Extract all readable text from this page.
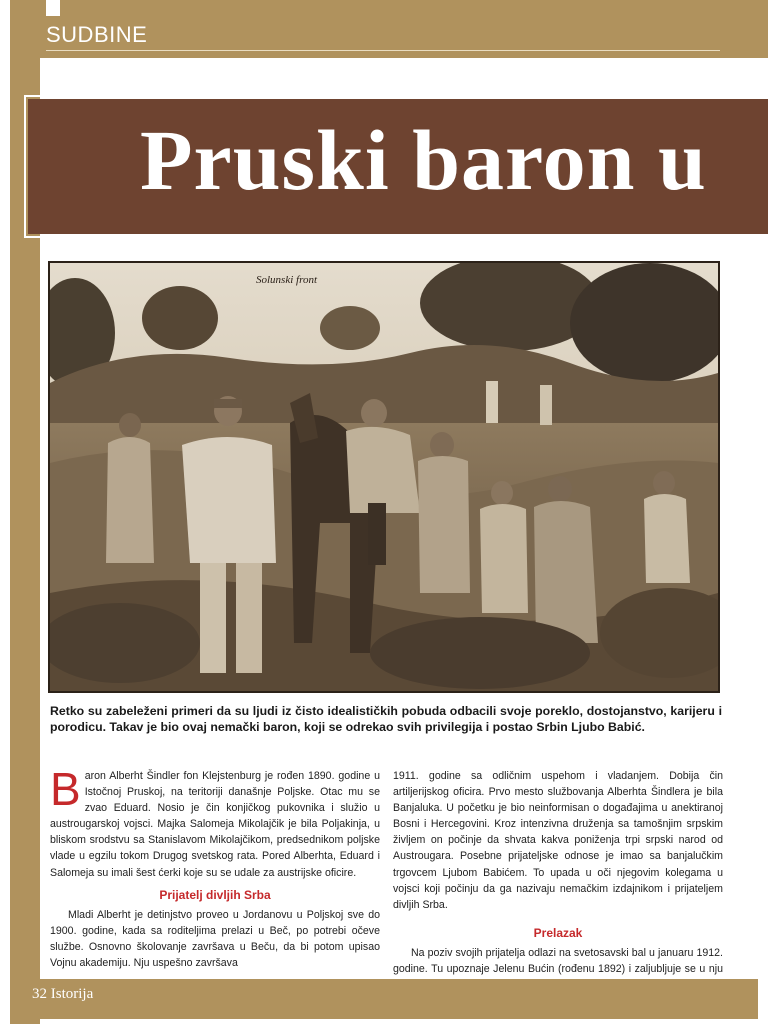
SUDBINE
Pruski baron u
Solunski front
Retko su zabeleženi primeri da su ljudi iz čisto idealističkih pobuda odbacili svoje poreklo, dostojanstvo, karijeru i porodicu. Takav je bio ovaj nemački baron, koji se odrekao svih privilegija i postao Srbin Ljubo Babić.

Baron Alberht Šindler fon Klejstenburg je rođen 1890. godine u Istočnoj Pruskoj, na teritoriji današnje Poljske. Otac mu se zvao Eduard. Nosio je čin konjičkog pukovnika i služio u austrougarskoj vojsci. Majka Salomeja Mikolajčik je bila Poljakinja, u bliskom srodstvu sa Stanislavom Mikolajčikom, predsednikom poljske vlade u egzilu tokom Drugog svetskog rata. Pored Alberhta, Eduard i Salomeja su imali šest ćerki koje su se udale za austrijske oficire.

Prijatelj divljih Srba

Mladi Alberht je detinjstvo proveo u Jordanovu u Poljskoj sve do 1900. godine, kada sa roditeljima prelazi u Beč, po potrebi očeve službe. Osnovno školovanje završava u Beču, da bi potom upisao Vojnu akademiju. Nju uspešno završava

1911. godine sa odličnim uspehom i vladanjem. Dobija čin artiljerijskog oficira. Prvo mesto službovanja Alberhta Šindlera je bila Banjaluka. U početku je bio neinformisan o događajima u anektiranoj Bosni i Hercegovini. Kroz intenzivna druženja sa tamošnjim srpskim življem on počinje da shvata kakva poniženja trpi srpski narod od Austrougara. Posebne prijateljske odnose je imao sa banjalučkim trgovcem Ljubom Babićem. To upada u oči njegovim kolegama u vojsci koji počinju da ga nazivaju nemačkim izdajnikom i prijateljem divljih Srba.

Prelazak

Na poziv svojih prijatelja odlazi na svetosavski bal u januaru 1912. godine. Tu upoznaje Jelenu Bućin (rođenu 1892) i zaljubljuje se u nju

32 Istorija
